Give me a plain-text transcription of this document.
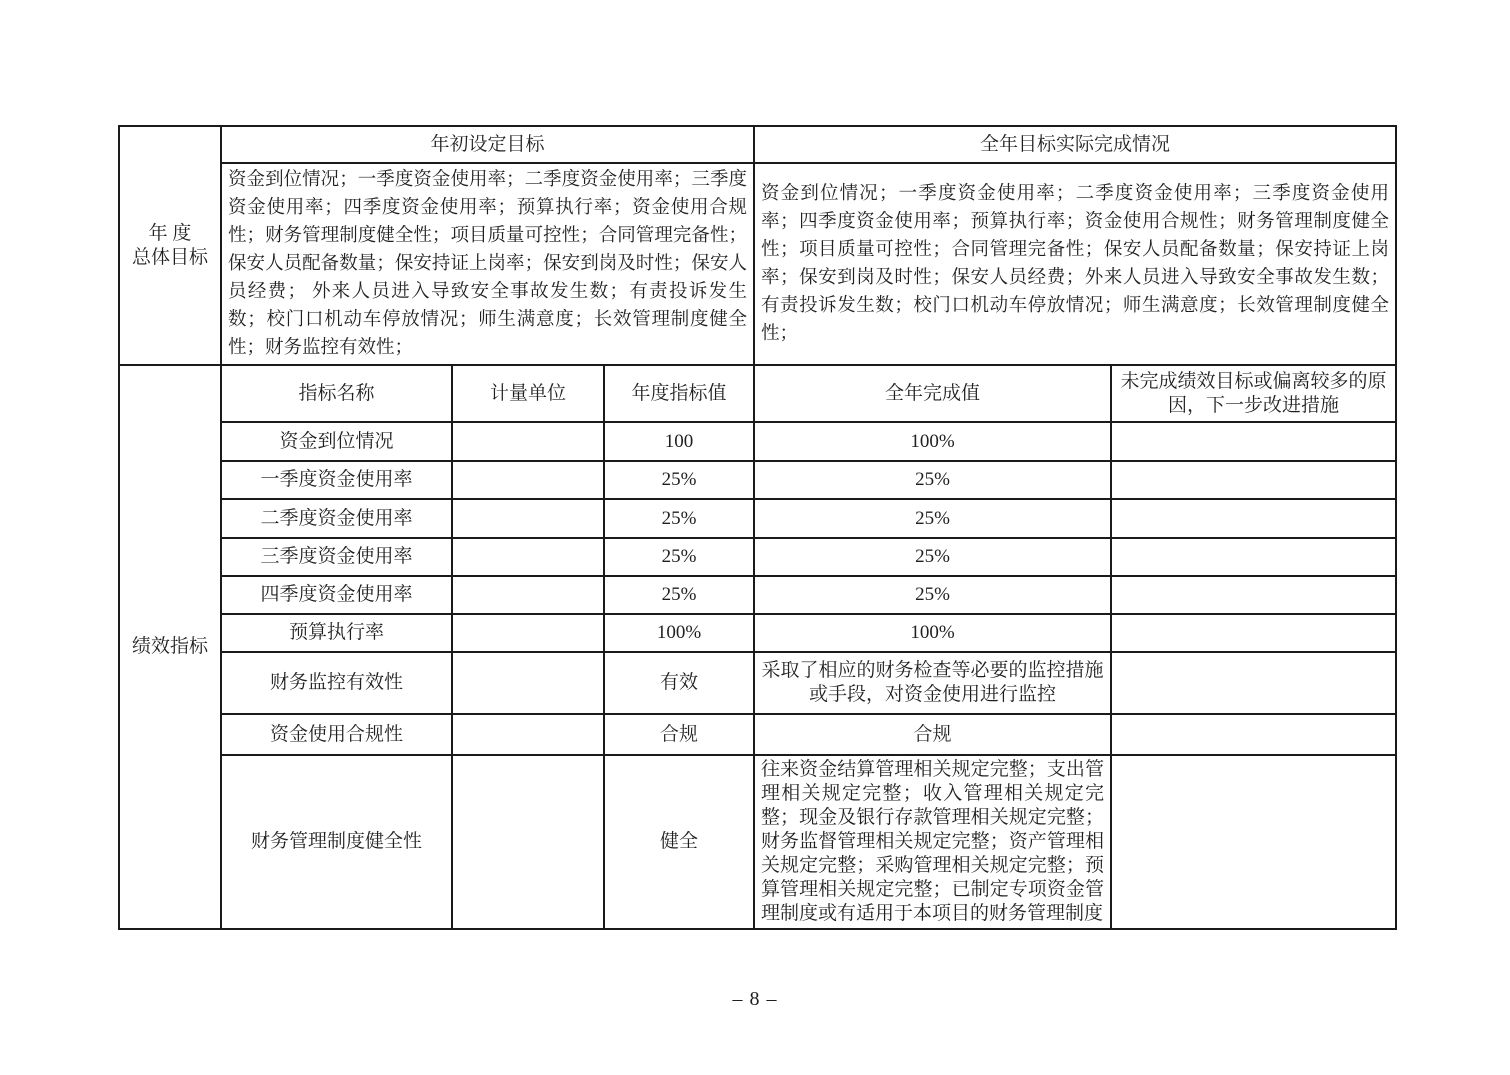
年 度
总体目标	年初设定目标			全年目标实际完成情况	

	资金到位情况；一季度资金使用率；二季度资金使用率；三季度资金使用率；四季度资金使用率；预算执行率；资金使用合规性；财务管理制度健全性；项目质量可控性；合同管理完备性；保安人员配备数量；保安持证上岗率；保安到岗及时性；保安人员经费； 外来人员进入导致安全事故发生数；有责投诉发生数；校门口机动车停放情况；师生满意度；长效管理制度健全性；财务监控有效性；			资金到位情况；一季度资金使用率；二季度资金使用率；三季度资金使用率；四季度资金使用率；预算执行率；资金使用合规性；财务管理制度健全性；项目质量可控性；合同管理完备性；保安人员配备数量；保安持证上岗率；保安到岗及时性；保安人员经费；外来人员进入导致安全事故发生数；有责投诉发生数；校门口机动车停放情况；师生满意度；长效管理制度健全性；	

绩效指标	指标名称	计量单位	年度指标值	全年完成值	未完成绩效目标或偏离较多的原因，下一步改进措施
	资金到位情况		100	100%	
	一季度资金使用率		25%	25%	
	二季度资金使用率		25%	25%	
	三季度资金使用率		25%	25%	
	四季度资金使用率		25%	25%	
	预算执行率		100%	100%	
	财务监控有效性		有效	采取了相应的财务检查等必要的监控措施或手段，对资金使用进行监控	
	资金使用合规性		合规	合规	
	财务管理制度健全性		健全	往来资金结算管理相关规定完整；支出管理相关规定完整；收入管理相关规定完整；现金及银行存款管理相关规定完整；财务监督管理相关规定完整；资产管理相关规定完整；采购管理相关规定完整；预算管理相关规定完整；已制定专项资金管理制度或有适用于本项目的财务管理制度	
– 8 –
